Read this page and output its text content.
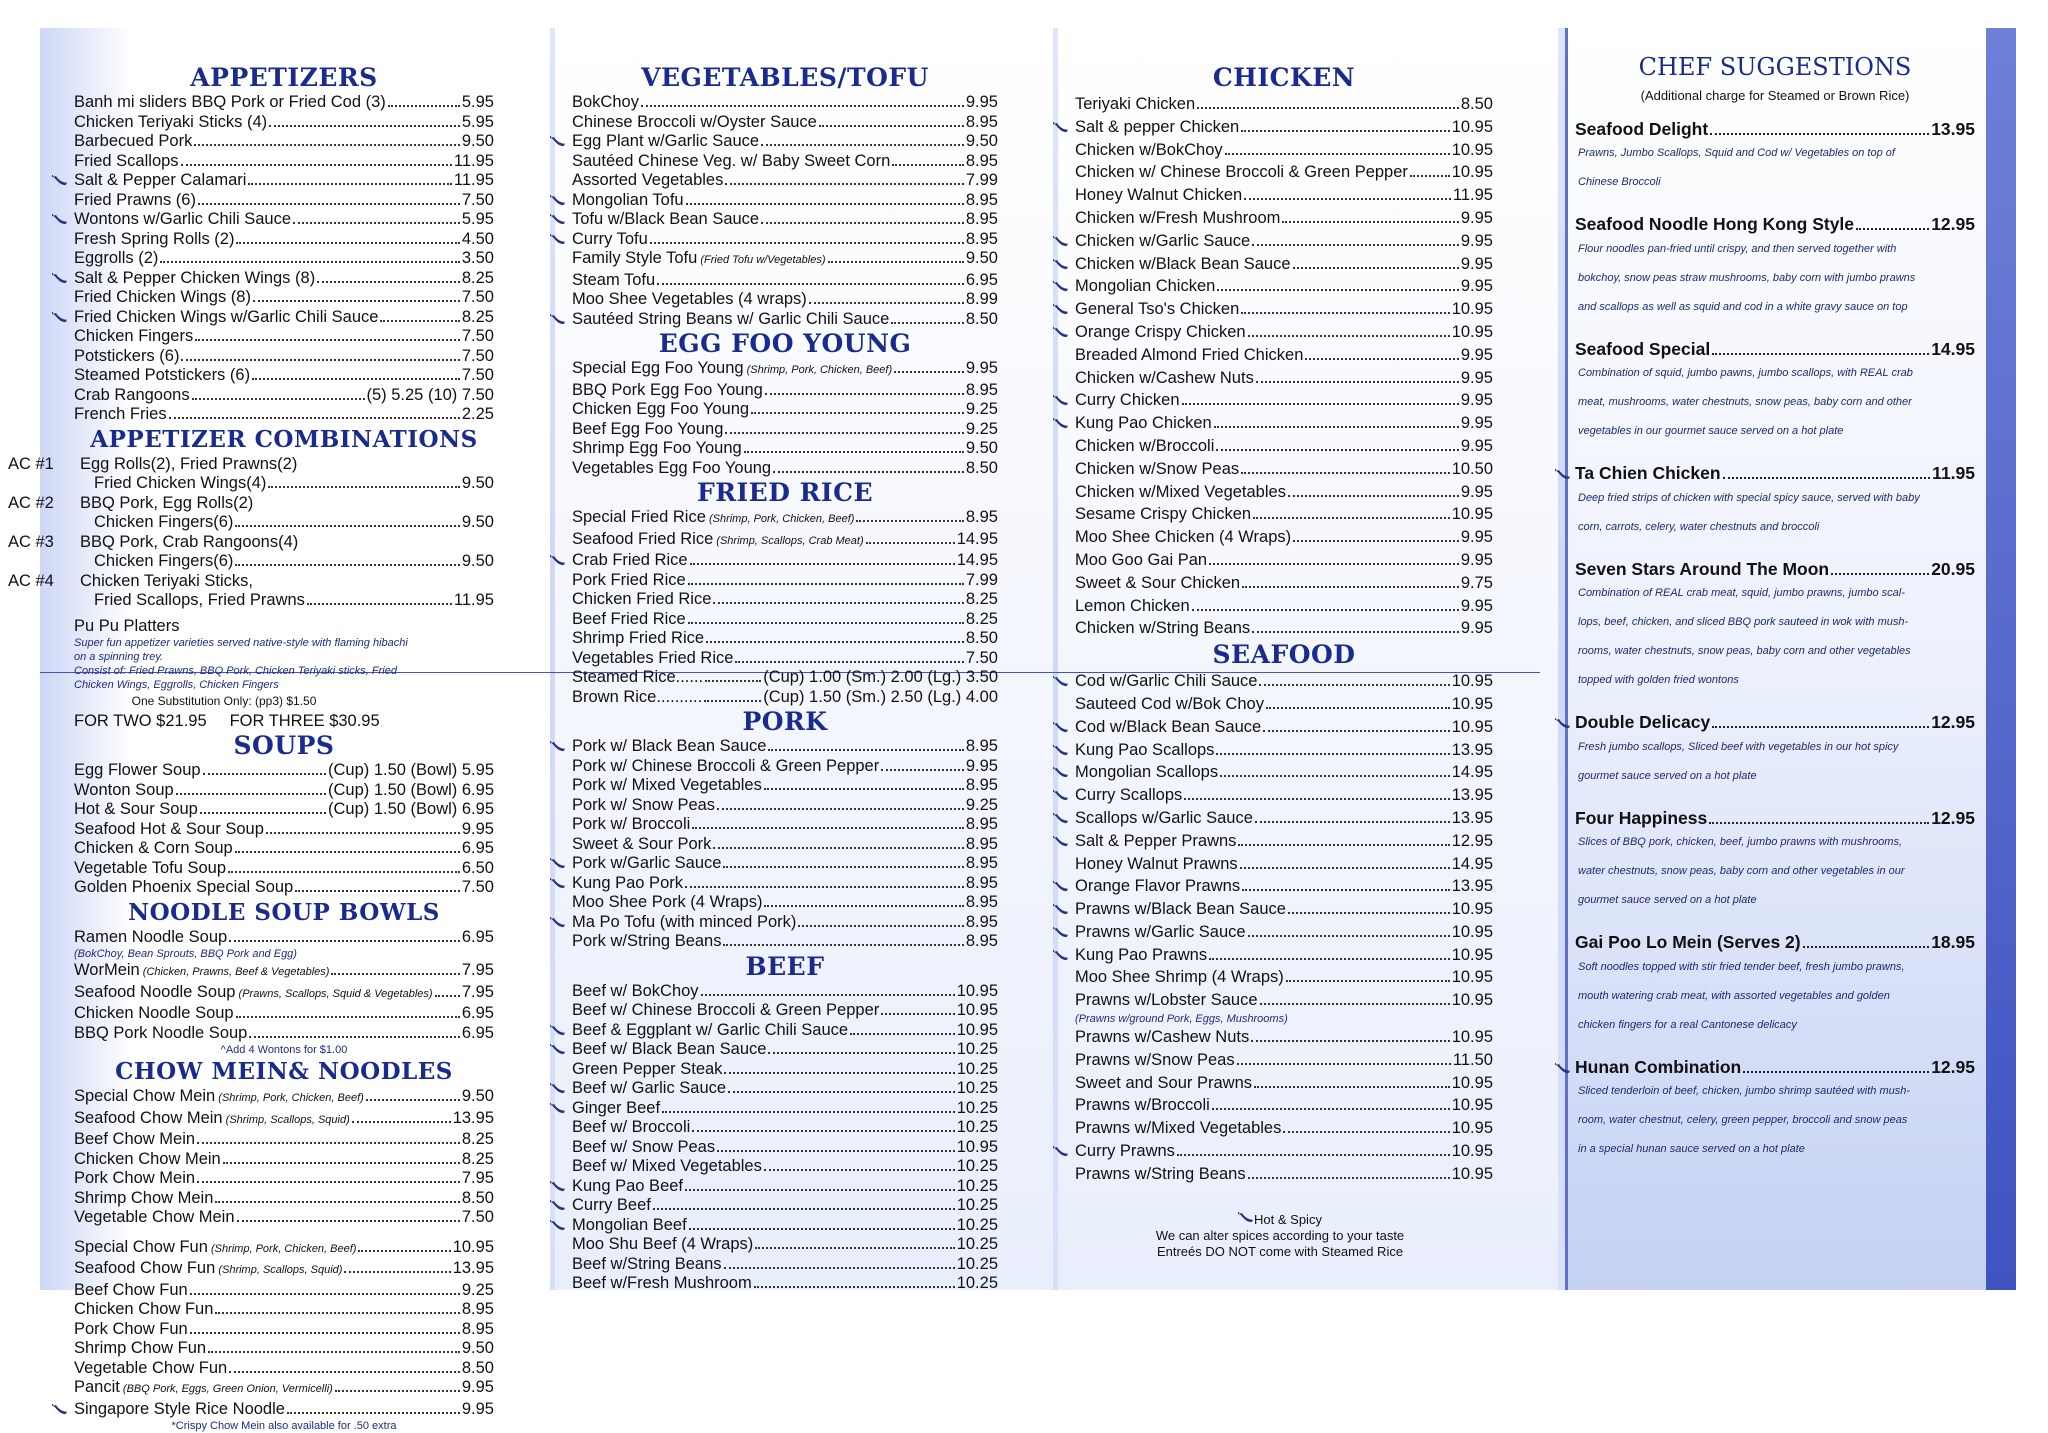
APPETIZERS
Banh mi sliders BBQ Pork or Fried Cod (3)	5.95
Chicken Teriyaki Sticks (4)	5.95
Barbecued Pork	9.50
Fried Scallops	11.95
Salt & Pepper Calamari	11.95
Fried Prawns (6)	7.50
Wontons w/Garlic Chili Sauce	5.95
Fresh Spring Rolls (2)	4.50
Eggrolls (2)	3.50
Salt & Pepper Chicken Wings (8)	8.25
Fried Chicken Wings (8)	7.50
Fried Chicken Wings w/Garlic Chili Sauce	8.25
Chicken Fingers	7.50
Potstickers (6)	7.50
Steamed Potstickers (6)	7.50
Crab Rangoons	(5) 5.25 (10) 7.50
French Fries	2.25
APPETIZER COMBINATIONS
AC #1	Egg Rolls(2), Fried Prawns(2)
Fried Chicken Wings(4)	9.50
AC #2	BBQ Pork, Egg Rolls(2)
Chicken Fingers(6)	9.50
AC #3	BBQ Pork, Crab Rangoons(4)
Chicken Fingers(6)	9.50
AC #4	Chicken Teriyaki Sticks,
Fried Scallops, Fried Prawns	11.95
Pu Pu Platters
Super fun appetizer varieties served native-style with flaming hibachi on a spinning trey.
Consist of: Fried Prawns, BBQ Pork, Chicken Teriyaki sticks, Fried Chicken Wings, Eggrolls, Chicken Fingers
One Substitution Only: (pp3) $1.50
FOR TWO $21.95     FOR THREE $30.95
SOUPS
Egg Flower Soup	(Cup) 1.50 (Bowl) 5.95
Wonton Soup	(Cup) 1.50 (Bowl) 6.95
Hot & Sour Soup	(Cup) 1.50 (Bowl) 6.95
Seafood Hot & Sour Soup	9.95
Chicken & Corn Soup	6.95
Vegetable Tofu Soup	6.50
Golden Phoenix Special Soup	7.50
NOODLE SOUP BOWLS
Ramen Noodle Soup	6.95
(BokChoy, Bean Sprouts, BBQ Pork and Egg)
WorMein (Chicken, Prawns, Beef & Vegetables)	7.95
Seafood Noodle Soup (Prawns, Scallops, Squid & Vegetables) 7.95
Chicken Noodle Soup	6.95
BBQ Pork Noodle Soup	6.95
^Add 4 Wontons for $1.00
CHOW MEIN& NOODLES
Special Chow Mein (Shrimp, Pork, Chicken, Beef)	9.50
Seafood Chow Mein (Shrimp, Scallops, Squid)	13.95
Beef Chow Mein	8.25
Chicken Chow Mein	8.25
Pork Chow Mein	7.95
Shrimp Chow Mein	8.50
Vegetable Chow Mein	7.50
Special Chow Fun (Shrimp, Pork, Chicken, Beef)	10.95
Seafood Chow Fun (Shrimp, Scallops, Squid)	13.95
Beef Chow Fun	9.25
Chicken Chow Fun	8.95
Pork Chow Fun	8.95
Shrimp Chow Fun	9.50
Vegetable Chow Fun	8.50
Pancit (BBQ Pork, Eggs, Green Onion, Vermicelli)	9.95
Singapore Style Rice Noodle	9.95
*Crispy Chow Mein also available for .50 extra
VEGETABLES/TOFU
BokChoy	9.95
Chinese Broccoli w/Oyster Sauce	8.95
Egg Plant w/Garlic Sauce	9.50
Sautéed Chinese Veg. w/ Baby Sweet Corn	8.95
Assorted Vegetables	7.99
Mongolian Tofu	8.95
Tofu w/Black Bean Sauce	8.95
Curry Tofu	8.95
Family Style Tofu (Fried Tofu w/Vegetables)	9.50
Steam Tofu	6.95
Moo Shee Vegetables (4 wraps)	8.99
Sautéed String Beans w/ Garlic Chili Sauce	8.50
EGG FOO YOUNG
Special Egg Foo Young (Shrimp, Pork, Chicken, Beef)	9.95
BBQ Pork Egg Foo Young	8.95
Chicken Egg Foo Young	9.25
Beef Egg Foo Young	9.25
Shrimp Egg Foo Young	9.50
Vegetables Egg Foo Young	8.50
FRIED RICE
Special Fried Rice (Shrimp, Pork, Chicken, Beef)	8.95
Seafood Fried Rice (Shrimp, Scallops, Crab Meat)	14.95
Crab Fried Rice	14.95
Pork Fried Rice	7.99
Chicken Fried Rice	8.25
Beef Fried Rice	8.25
Shrimp Fried Rice	8.50
Vegetables Fried Rice	7.50
Steamed Rice......	(Cup) 1.00 (Sm.) 2.00 (Lg.) 3.50
Brown Rice..........	(Cup) 1.50 (Sm.) 2.50 (Lg.) 4.00
PORK
Pork w/ Black Bean Sauce	8.95
Pork w/ Chinese Broccoli & Green Pepper	9.95
Pork w/ Mixed Vegetables	8.95
Pork w/ Snow Peas	9.25
Pork w/ Broccoli	8.95
Sweet & Sour Pork	8.95
Pork w/Garlic Sauce	8.95
Kung Pao Pork	8.95
Moo Shee Pork (4 Wraps)	8.95
Ma Po Tofu (with minced Pork)	8.95
Pork w/String Beans	8.95
BEEF
Beef w/ BokChoy	10.95
Beef w/ Chinese Broccoli & Green Pepper	10.95
Beef & Eggplant w/ Garlic Chili Sauce	10.95
Beef w/ Black Bean Sauce	10.25
Green Pepper Steak	10.25
Beef w/ Garlic Sauce	10.25
Ginger Beef	10.25
Beef w/ Broccoli	10.25
Beef w/ Snow Peas	10.95
Beef w/ Mixed Vegetables	10.25
Kung Pao Beef	10.25
Curry Beef	10.25
Mongolian Beef	10.25
Moo Shu Beef (4 Wraps)	10.25
Beef w/String Beans	10.25
Beef w/Fresh Mushroom	10.25
CHICKEN
Teriyaki Chicken	8.50
Salt & pepper Chicken	10.95
Chicken w/BokChoy	10.95
Chicken w/ Chinese Broccoli & Green Pepper	10.95
Honey Walnut Chicken	11.95
Chicken w/Fresh Mushroom	9.95
Chicken w/Garlic Sauce	9.95
Chicken w/Black Bean Sauce	9.95
Mongolian Chicken	9.95
General Tso's Chicken	10.95
Orange Crispy Chicken	10.95
Breaded Almond Fried Chicken	9.95
Chicken w/Cashew Nuts	9.95
Curry Chicken	9.95
Kung Pao Chicken	9.95
Chicken w/Broccoli	9.95
Chicken w/Snow Peas	10.50
Chicken w/Mixed Vegetables	9.95
Sesame Crispy Chicken	10.95
Moo Shee Chicken (4 Wraps)	9.95
Moo Goo Gai Pan	9.95
Sweet & Sour Chicken	9.75
Lemon Chicken	9.95
Chicken w/String Beans	9.95
SEAFOOD
Cod w/Garlic Chili Sauce	10.95
Sauteed Cod w/Bok Choy	10.95
Cod w/Black Bean Sauce	10.95
Kung Pao Scallops	13.95
Mongolian Scallops	14.95
Curry Scallops	13.95
Scallops w/Garlic Sauce	13.95
Salt & Pepper Prawns	12.95
Honey Walnut Prawns	14.95
Orange Flavor Prawns	13.95
Prawns w/Black Bean Sauce	10.95
Prawns w/Garlic Sauce	10.95
Kung Pao Prawns	10.95
Moo Shee Shrimp (4 Wraps)	10.95
Prawns w/Lobster Sauce	10.95
(Prawns w/ground Pork, Eggs, Mushrooms)
Prawns w/Cashew Nuts	10.95
Prawns w/Snow Peas	11.50
Sweet and Sour Prawns	10.95
Prawns w/Broccoli	10.95
Prawns w/Mixed Vegetables	10.95
Curry Prawns	10.95
Prawns w/String Beans	10.95
CHEF SUGGESTIONS
(Additional charge for Steamed or Brown Rice)
Seafood Delight	13.95
Prawns, Jumbo Scallops, Squid and Cod w/ Vegetables on top of
Chinese Broccoli
Seafood Noodle Hong Kong Style	12.95
Flour noodles pan-fried until crispy, and then served together with
bokchoy, snow peas straw mushrooms, baby corn with jumbo prawns
and scallops as well as squid and cod in a white gravy sauce on top
Seafood Special	14.95
Combination of squid, jumbo pawns, jumbo scallops, with REAL crab
meat, mushrooms, water chestnuts, snow peas, baby corn and other
vegetables in our gourmet sauce served on a hot plate
Ta Chien Chicken	11.95
Deep fried strips of chicken with special spicy sauce, served with baby
corn, carrots, celery, water chestnuts and broccoli
Seven Stars Around The Moon	20.95
Combination of REAL crab meat, squid, jumbo prawns, jumbo scal-
lops, beef, chicken, and sliced BBQ pork sauteed in wok with mush-
rooms, water chestnuts, snow peas, baby corn and other vegetables
topped with golden fried wontons
Double Delicacy	12.95
Fresh jumbo scallops, Sliced beef with vegetables in our hot spicy
gourmet sauce served on a hot plate
Four Happiness	12.95
Slices of BBQ pork, chicken, beef, jumbo prawns with mushrooms,
water chestnuts, snow peas, baby corn and other vegetables in our
gourmet sauce served on a hot plate
Gai Poo Lo Mein (Serves 2)	18.95
Soft noodles topped with stir fried tender beef, fresh jumbo prawns,
mouth watering crab meat, with assorted vegetables and golden
chicken fingers for a real Cantonese delicacy
Hunan Combination	12.95
Sliced tenderloin of beef, chicken, jumbo shrimp sautéed with mush-
room, water chestnut, celery, green pepper, broccoli and snow peas
in a special hunan sauce served on a hot plate
Hot & Spicy
We can alter spices according to your taste
Entreés DO NOT come with Steamed Rice
